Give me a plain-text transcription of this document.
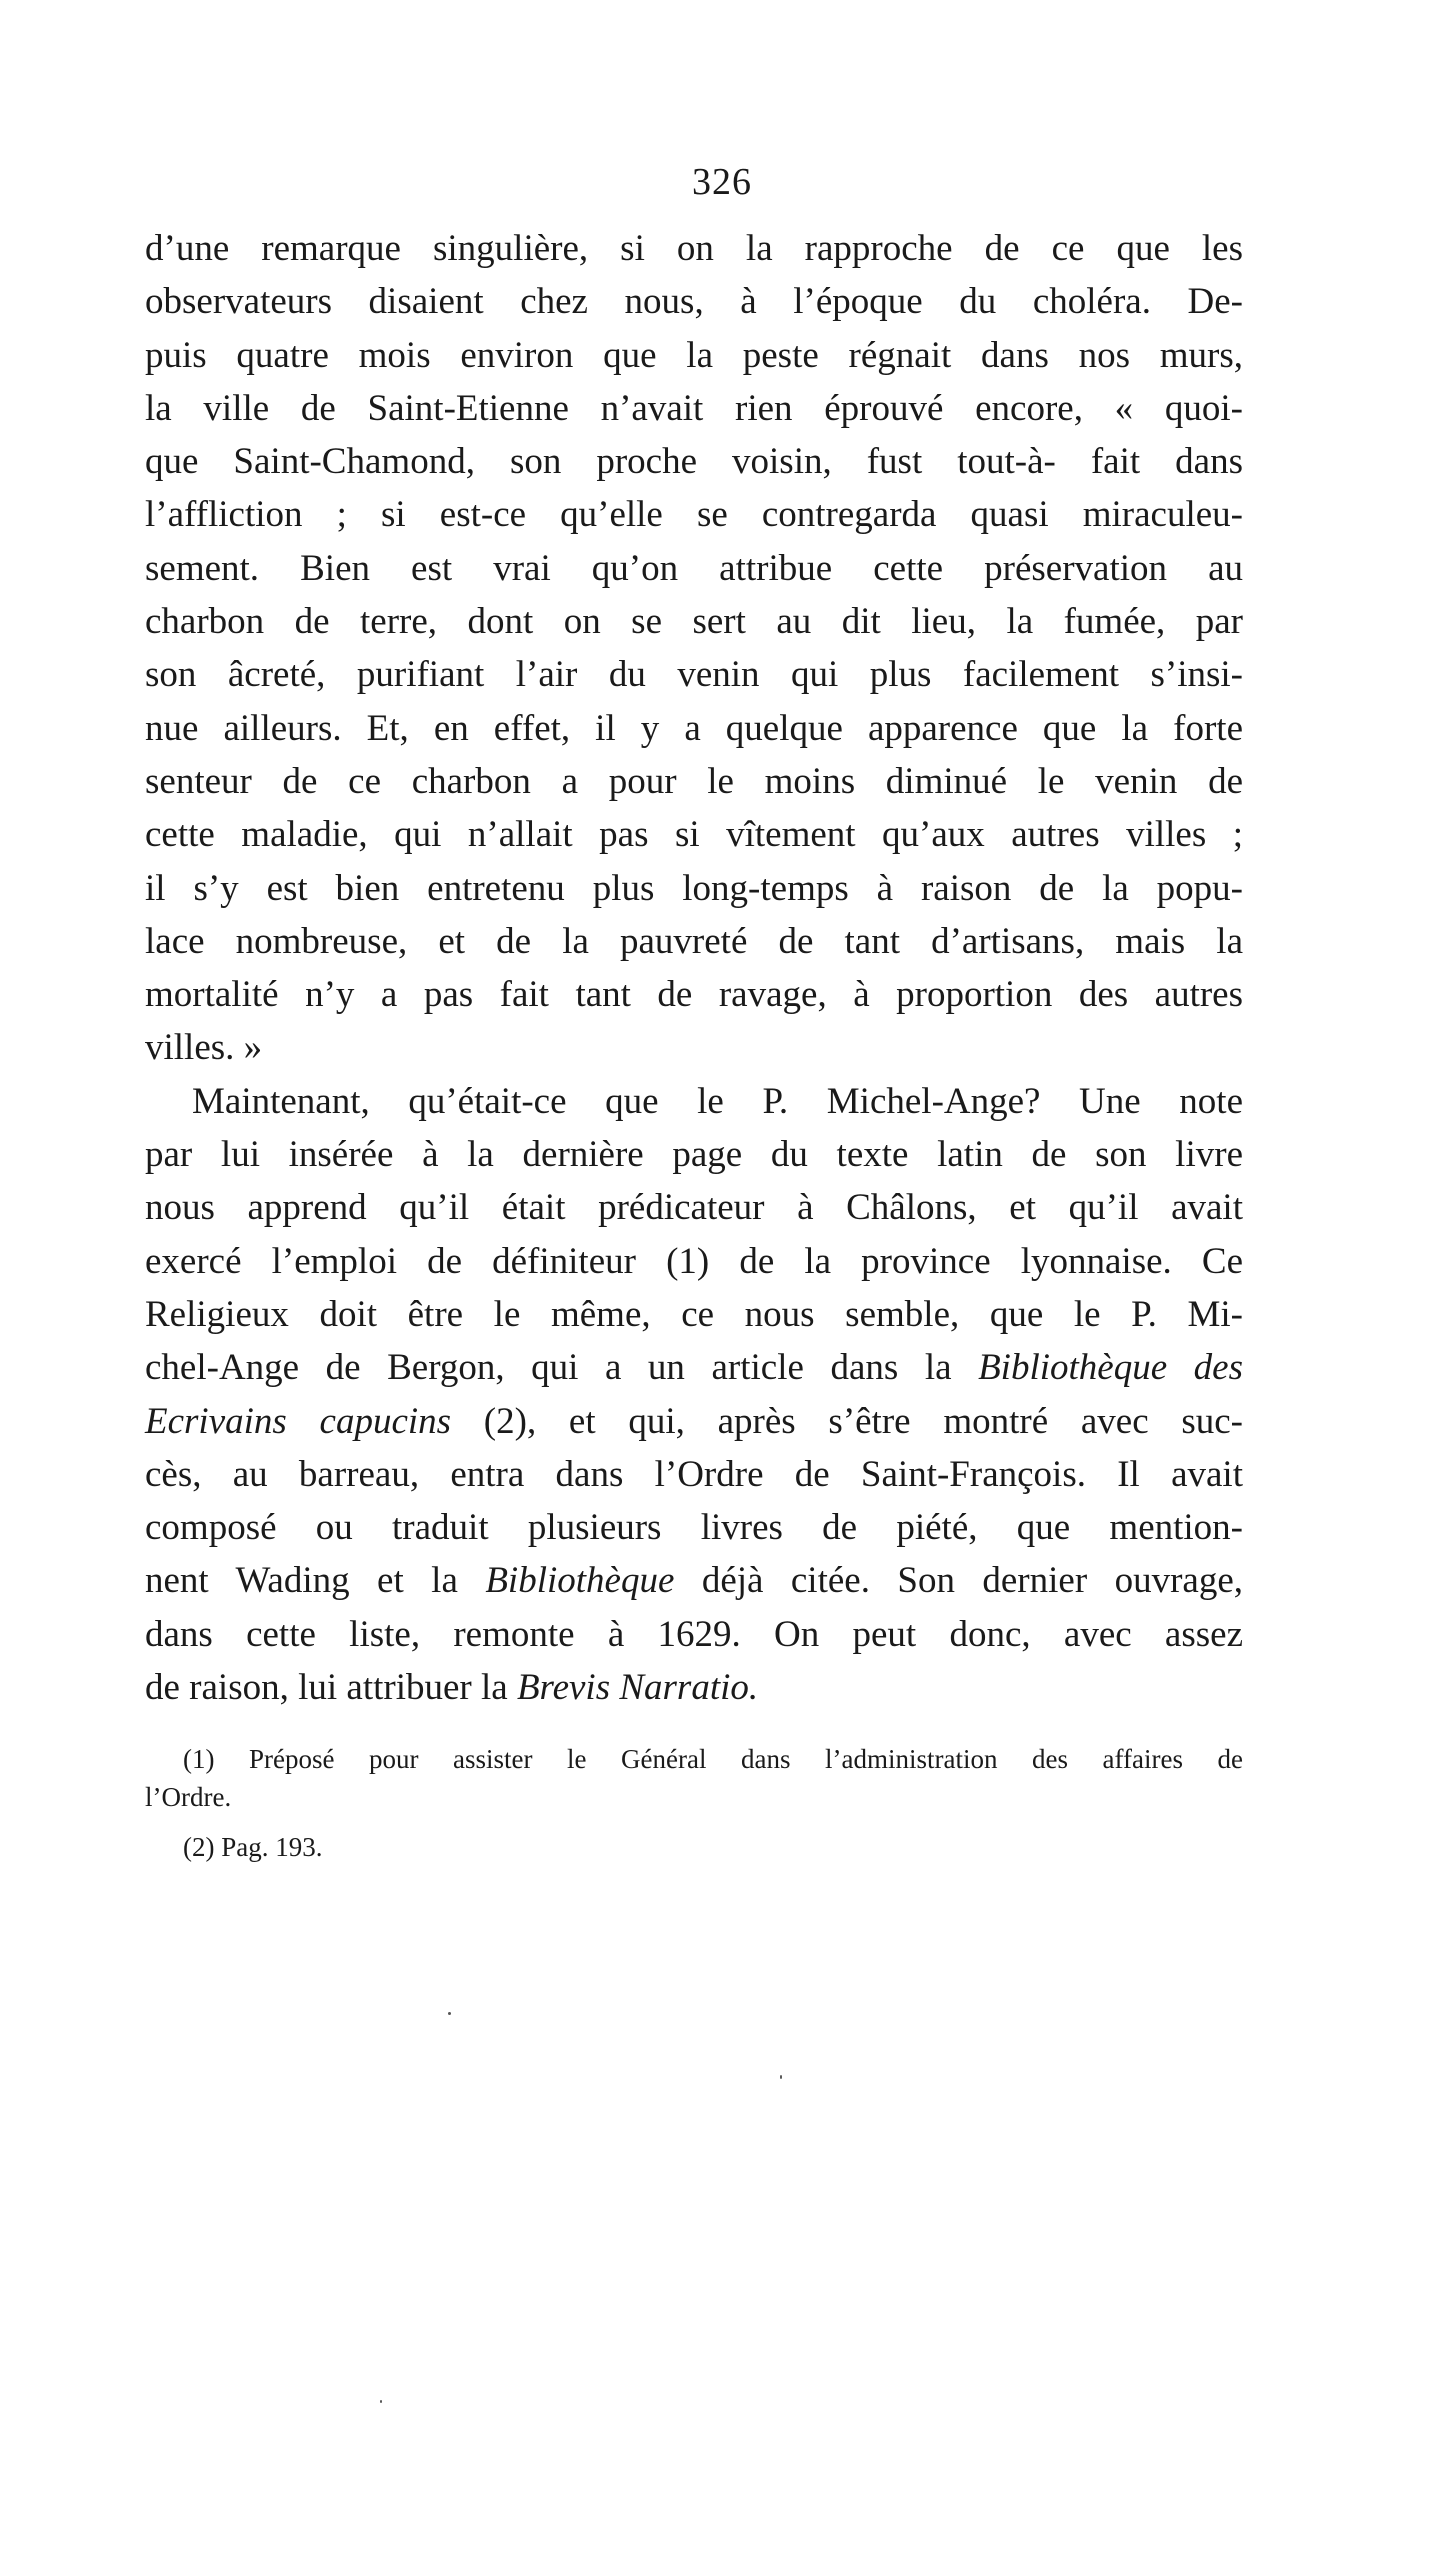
326
d’une remarque singulière, si on la rapproche de ce que les
observateurs disaient chez nous, à l’époque du choléra. De-
puis quatre mois environ que la peste régnait dans nos murs,
la ville de Saint-Etienne n’avait rien éprouvé encore, « quoi-
que Saint-Chamond, son proche voisin, fust tout-à- fait dans
l’affliction ; si est-ce qu’elle se contregarda quasi miraculeu-
sement. Bien est vrai qu’on attribue cette préservation au
charbon de terre, dont on se sert au dit lieu, la fumée, par
son âcreté, purifiant l’air du venin qui plus facilement s’insi-
nue ailleurs. Et, en effet, il y a quelque apparence que la forte
senteur de ce charbon a pour le moins diminué le venin de
cette maladie, qui n’allait pas si vîtement qu’aux autres villes ;
il s’y est bien entretenu plus long-temps à raison de la popu-
lace nombreuse, et de la pauvreté de tant d’artisans, mais la
mortalité n’y a pas fait tant de ravage, à proportion des autres
villes. »
Maintenant, qu’était-ce que le P. Michel-Ange? Une note
par lui insérée à la dernière page du texte latin de son livre
nous apprend qu’il était prédicateur à Châlons, et qu’il avait
exercé l’emploi de définiteur (1) de la province lyonnaise. Ce
Religieux doit être le même, ce nous semble, que le P. Mi-
chel-Ange de Bergon, qui a un article dans la Bibliothèque des
Ecrivains capucins (2), et qui, après s’être montré avec suc-
cès, au barreau, entra dans l’Ordre de Saint-François. Il avait
composé ou traduit plusieurs livres de piété, que mention-
nent Wading et la Bibliothèque déjà citée. Son dernier ouvrage,
dans cette liste, remonte à 1629. On peut donc, avec assez
de raison, lui attribuer la Brevis Narratio.
(1) Préposé pour assister le Général dans l’administration des affaires de
l’Ordre.
(2) Pag. 193.
